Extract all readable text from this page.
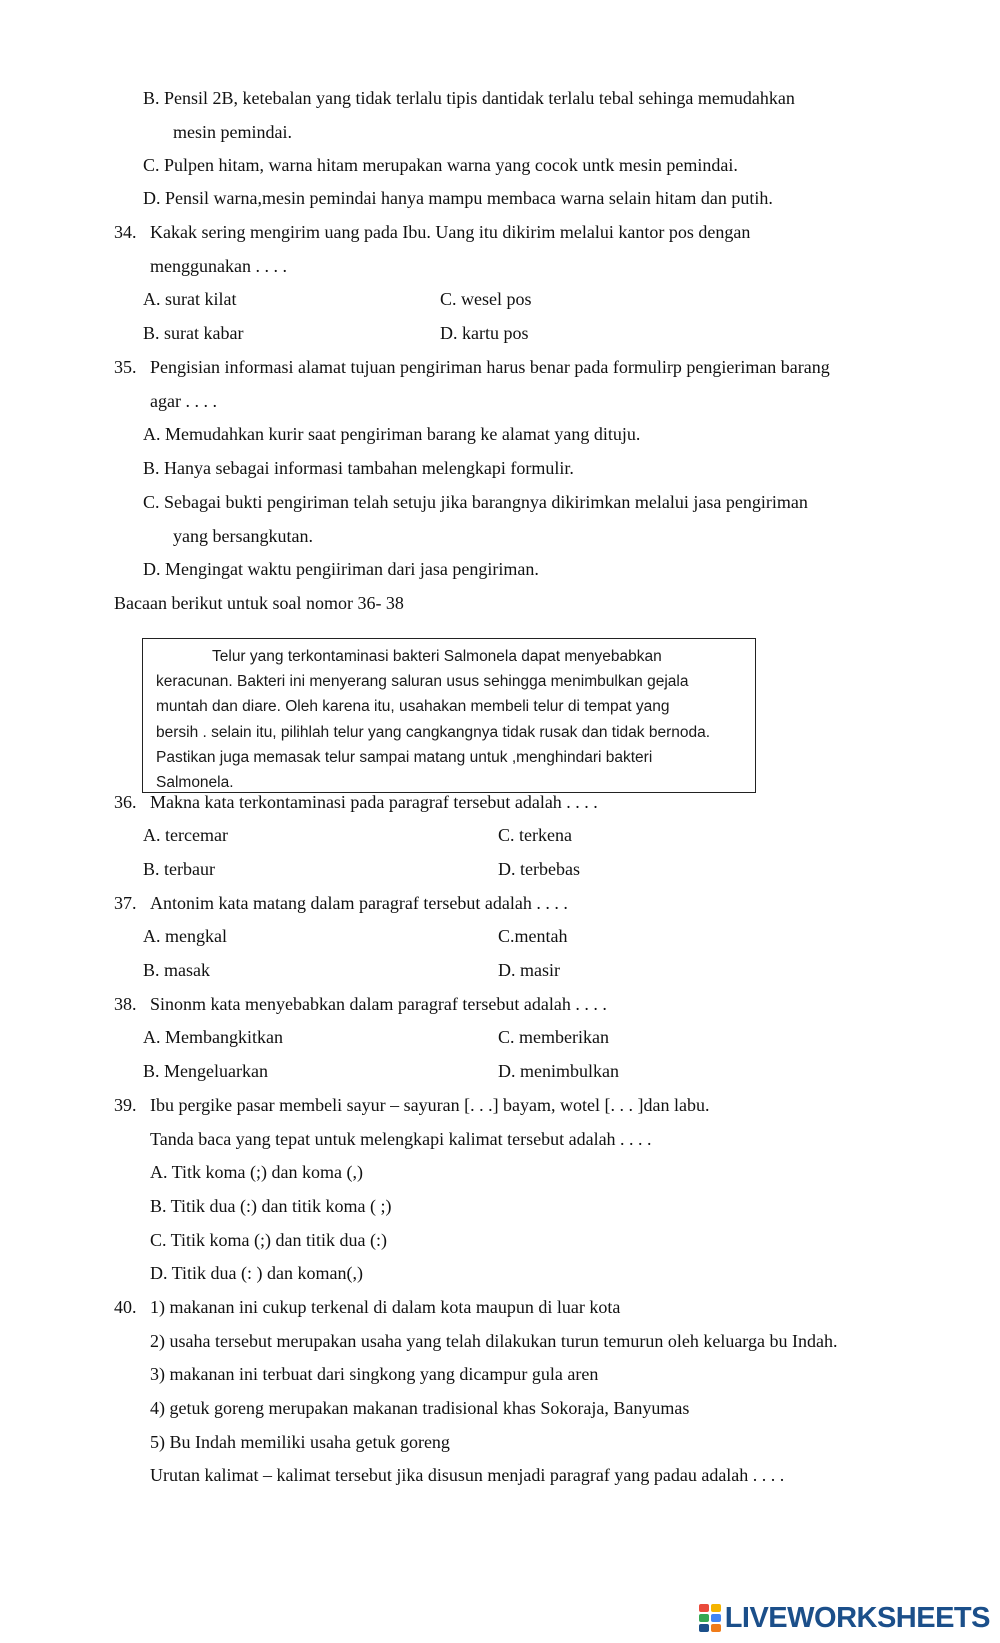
B. Pensil 2B, ketebalan yang tidak terlalu tipis dantidak terlalu tebal sehinga memudahkan
mesin pemindai.
C. Pulpen hitam, warna hitam merupakan warna yang cocok untk mesin pemindai.
D. Pensil warna,mesin pemindai hanya mampu membaca warna selain hitam dan putih.
34. Kakak sering mengirim uang pada Ibu. Uang itu dikirim melalui kantor pos dengan
menggunakan . . . .
A. surat kilat	C. wesel pos
B. surat kabar	D. kartu pos
35. Pengisian informasi alamat tujuan pengiriman harus benar pada formulirp pengieriman barang
agar . . . .
A. Memudahkan kurir saat pengiriman barang ke alamat yang dituju.
B. Hanya sebagai informasi tambahan melengkapi formulir.
C. Sebagai bukti pengiriman telah setuju jika barangnya dikirimkan melalui jasa pengiriman
yang bersangkutan.
D. Mengingat waktu pengiiriman dari jasa pengiriman.
Bacaan berikut untuk soal nomor 36- 38
Telur yang terkontaminasi bakteri Salmonela dapat menyebabkan
keracunan. Bakteri ini menyerang saluran usus sehingga menimbulkan gejala
muntah dan diare. Oleh karena itu, usahakan membeli telur di tempat yang
bersih . selain itu, pilihlah telur yang cangkangnya tidak rusak dan tidak bernoda.
Pastikan juga memasak telur sampai matang untuk ,menghindari bakteri
Salmonela.
36. Makna kata terkontaminasi pada paragraf tersebut adalah . . . .
A. tercemar	C. terkena
B. terbaur	D. terbebas
37. Antonim kata matang dalam paragraf tersebut adalah . . . .
A. mengkal	C.mentah
B. masak	D. masir
38. Sinonm kata menyebabkan dalam paragraf tersebut adalah . . . .
A. Membangkitkan	C. memberikan
B. Mengeluarkan	D. menimbulkan
39. Ibu pergike pasar membeli sayur – sayuran [. . .] bayam, wotel [. . . ]dan labu.
Tanda baca yang tepat untuk melengkapi kalimat tersebut adalah . . . .
A. Titk koma (;) dan koma (,)
B. Titik dua (:) dan titik koma ( ;)
C. Titik koma (;) dan titik dua (:)
D. Titik dua (: ) dan koman(,)
40. 1) makanan ini cukup terkenal di dalam kota maupun di luar kota
2) usaha tersebut merupakan usaha yang telah dilakukan turun temurun oleh keluarga bu Indah.
3) makanan ini terbuat dari singkong yang dicampur gula aren
4) getuk goreng merupakan makanan tradisional khas Sokoraja, Banyumas
5) Bu Indah memiliki usaha getuk goreng
Urutan kalimat – kalimat tersebut jika disusun menjadi paragraf yang padau adalah . . . .
LIVEWORKSHEETS
